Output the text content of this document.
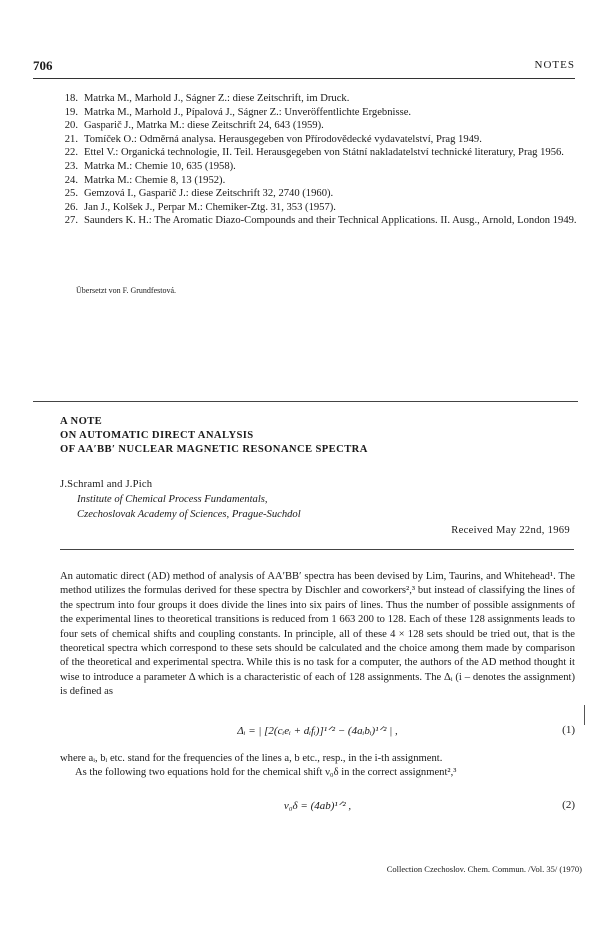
706	NOTES
18. Matrka M., Marhold J., Ságner Z.: diese Zeitschrift, im Druck.
19. Matrka M., Marhold J., Pípalová J., Ságner Z.: Unveröffentlichte Ergebnisse.
20. Gasparič J., Matrka M.: diese Zeitschrift 24, 643 (1959).
21. Tomíček O.: Odměrná analysa. Herausgegeben von Přírodovědecké vydavatelství, Prag 1949.
22. Ettel V.: Organická technologie, II. Teil. Herausgegeben von Státní nakladatelství technické literatury, Prag 1956.
23. Matrka M.: Chemie 10, 635 (1958).
24. Matrka M.: Chemie 8, 13 (1952).
25. Gemzová I., Gasparič J.: diese Zeitschrift 32, 2740 (1960).
26. Jan J., Kolšek J., Perpar M.: Chemiker-Ztg. 31, 353 (1957).
27. Saunders K. H.: The Aromatic Diazo-Compounds and their Technical Applications. II. Ausg., Arnold, London 1949.
Übersetzt von F. Grundfestová.
A NOTE
ON AUTOMATIC DIRECT ANALYSIS
OF AA′BB′ NUCLEAR MAGNETIC RESONANCE SPECTRA
J.Schraml and J.Pich
Institute of Chemical Process Fundamentals,
Czechoslovak Academy of Sciences, Prague-Suchdol
Received May 22nd, 1969
An automatic direct (AD) method of analysis of AA′BB′ spectra has been devised by Lim, Taurins, and Whitehead¹. The method utilizes the formulas derived for these spectra by Dischler and coworkers²,³ but instead of classifying the lines of the spectrum into four groups it does divide the lines into six pairs of lines. Thus the number of possible assignments of the experimental lines to theoretical transitions is reduced from 1 663 200 to 128. Each of these 128 assignments leads to four sets of chemical shifts and coupling constants. In principle, all of these 4 × 128 sets should be tried out, that is the theoretical spectra which correspond to these sets should be calculated and the choice among them made by comparison of the theoretical and experimental spectra. While this is no task for a computer, the authors of the AD method thought it wise to introduce a parameter Δ which is a characteristic of each of 128 assignments. The Δᵢ (i – denotes the assignment) is defined as
Δᵢ = | [2(cᵢeᵢ + dᵢfᵢ)]¹ᐟ² − (4aᵢbᵢ)¹ᐟ² | ,	(1)
where aᵢ, bᵢ etc. stand for the frequencies of the lines a, b etc., resp., in the i-th assignment.
As the following two equations hold for the chemical shift ν₀δ in the correct assignment²,³
ν₀δ = (4ab)¹ᐟ² ,	(2)
Collection Czechoslov. Chem. Commun. /Vol. 35/ (1970)
